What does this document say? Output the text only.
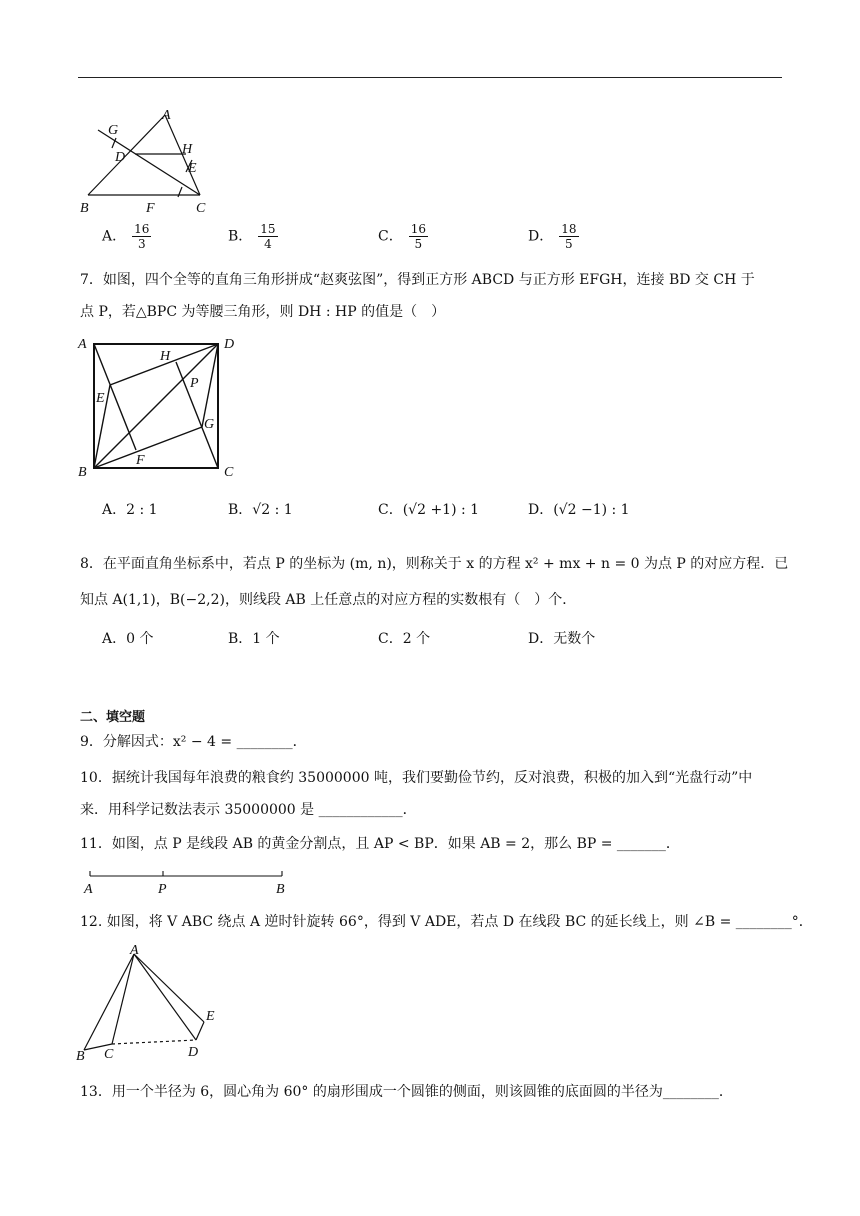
A
G
H
D
E
B	F	C
A． $\frac{16}{3}$	B． $\frac{15}{4}$	C． $\frac{16}{5}$	D． $\frac{18}{5}$
7．如图，四个全等的直角三角形拼成“赵爽弦图”，得到正方形 ABCD 与正方形 EFGH，连接 BD 交 CH 于
点 P，若△BPC 为等腰三角形，则 DH : HP 的值是（　）
A	D
H
P
E
G
B
F
C
A．2 : 1	B．√2 : 1	C．(√2 +1) : 1	D．(√2 −1) : 1
8．在平面直角坐标系中，若点 P 的坐标为 (m, n)，则称关于 x 的方程 x² + mx + n = 0 为点 P 的对应方程．已
知点 A(1,1)，B(−2,2)，则线段 AB 上任意点的对应方程的实数根有（　）个．
A．0 个	B．1 个	C．2 个	D．无数个
二、填空题
9．分解因式：x² − 4 = ________．
10．据统计我国每年浪费的粮食约 35000000 吨，我们要勤俭节约，反对浪费，积极的加入到“光盘行动”中
来．用科学记数法表示 35000000 是 ____________．
11．如图，点 P 是线段 AB 的黄金分割点，且 AP < BP．如果 AB = 2，那么 BP = _______．
A	P	B
12. 如图，将 V ABC 绕点 A 逆时针旋转 66°，得到 V ADE，若点 D 在线段 BC 的延长线上，则 ∠B = ________°．
A
E
B C	D
13．用一个半径为 6，圆心角为 60° 的扇形围成一个圆锥的侧面，则该圆锥的底面圆的半径为________．
